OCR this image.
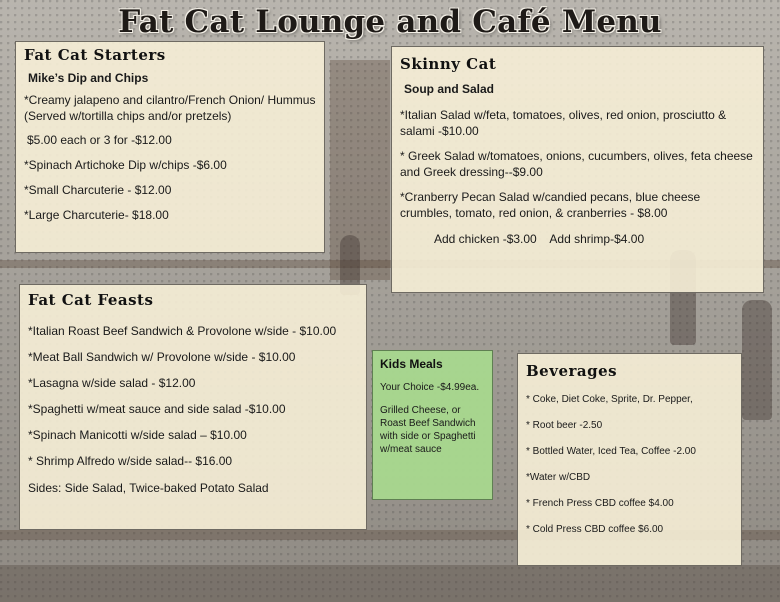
Fat Cat Lounge and Café Menu
Fat Cat Starters

Mike’s Dip and Chips

*Creamy jalapeno and cilantro/French Onion/ Hummus (Served w/tortilla chips and/or pretzels)

$5.00 each or 3 for -$12.00

*Spinach Artichoke Dip w/chips -$6.00

*Small Charcuterie - $12.00

*Large Charcuterie- $18.00

Skinny Cat

Soup and Salad

*Italian Salad w/feta, tomatoes, olives, red onion, prosciutto & salami -$10.00

* Greek Salad w/tomatoes, onions, cucumbers, olives, feta cheese and Greek dressing--$9.00

*Cranberry Pecan Salad w/candied pecans, blue cheese crumbles, tomato, red onion, & cranberries - $8.00

Add chicken -$3.00    Add shrimp-$4.00

Fat Cat Feasts

*Italian Roast Beef Sandwich & Provolone w/side - $10.00

*Meat Ball Sandwich w/ Provolone w/side - $10.00

*Lasagna w/side salad - $12.00

*Spaghetti w/meat sauce and side salad -$10.00

*Spinach Manicotti w/side salad – $10.00

* Shrimp Alfredo w/side salad-- $16.00

Sides: Side Salad, Twice-baked Potato Salad

Kids Meals

Your Choice -$4.99ea.

Grilled Cheese, or Roast Beef Sandwich with side or Spaghetti w/meat sauce

Beverages

* Coke, Diet Coke, Sprite, Dr. Pepper,

* Root beer -2.50

* Bottled Water, Iced Tea, Coffee -2.00

*Water w/CBD

* French Press CBD coffee $4.00

* Cold Press CBD coffee $6.00
